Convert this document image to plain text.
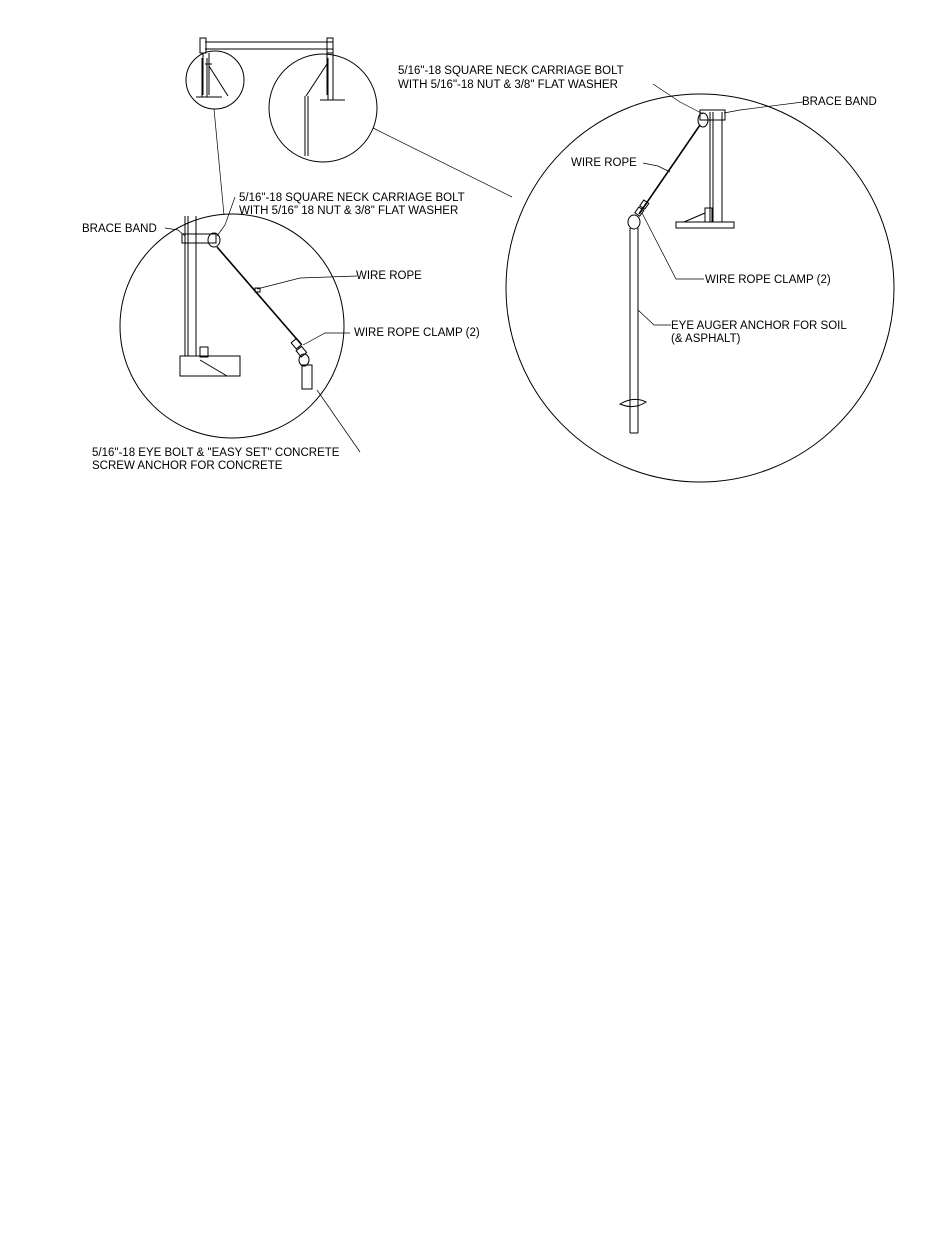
5/16"-18 SQUARE NECK CARRIAGE BOLT
WITH 5/16" 18 NUT & 3/8" FLAT WASHER
BRACE BAND
WIRE ROPE
WIRE ROPE CLAMP (2)
5/16"-18 EYE BOLT & "EASY SET" CONCRETE
SCREW ANCHOR FOR CONCRETE
5/16"-18 SQUARE NECK CARRIAGE BOLT
WITH 5/16"-18 NUT & 3/8" FLAT WASHER
BRACE BAND
WIRE ROPE
WIRE ROPE CLAMP (2)
EYE AUGER ANCHOR FOR SOIL
(& ASPHALT)
